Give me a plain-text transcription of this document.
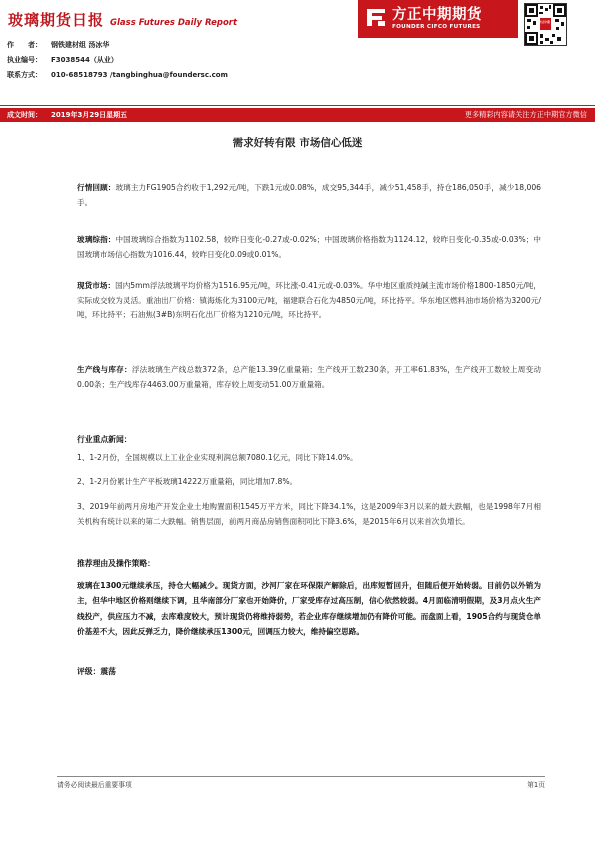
玻璃期货日报 Glass Futures Daily Report	方正中期期货
FOUNDER CIFCO FUTURES
方正中期
作　　者： 钢铁建材组 汤冰华
执业编号： F3038544（从业）
联系方式： 010-68518793 /tangbinghua@foundersc.com
成文时间： 2019年3月29日星期五	更多精彩内容请关注方正中期官方微信
需求好转有限 市场信心低迷
行情回顾：玻璃主力FG1905合约收于1,292元/吨，下跌1元或0.08%，成交95,344手，减少51,458手，持仓186,050手，减少18,006手。
玻璃综指：中国玻璃综合指数为1102.58，较昨日变化-0.27或-0.02%；中国玻璃价格指数为1124.12，较昨日变化-0.35或-0.03%；中国玻璃市场信心指数为1016.44，较昨日变化0.09或0.01%。
现货市场：国内5mm浮法玻璃平均价格为1516.95元/吨，环比涨-0.41元或-0.03%。华中地区重质纯碱主流市场价格1800-1850元/吨，实际成交较为灵活。重油出厂价格：镇海炼化为3100元/吨，福建联合石化为4850元/吨，环比持平。华东地区燃料油市场价格为3200元/吨，环比持平；石油焦(3#B)东明石化出厂价格为1210元/吨，环比持平。
生产线与库存：浮法玻璃生产线总数372条，总产能13.39亿重量箱；生产线开工数230条，开工率61.83%，生产线开工数较上周变动0.00条；生产线库存4463.00万重量箱，库存较上周变动51.00万重量箱。
行业重点新闻：
1、1-2月份，全国规模以上工业企业实现利润总额7080.1亿元，同比下降14.0%。
2、1-2月份累计生产平板玻璃14222万重量箱，同比增加7.8%。
3、2019年前两月房地产开发企业土地购置面积1545万平方米，同比下降34.1%，这是2009年3月以来的最大跌幅，也是1998年7月相关机构有统计以来的第二大跌幅。销售层面，前两月商品房销售面积同比下降3.6%，是2015年6月以来首次负增长。
推荐理由及操作策略：
玻璃在1300元继续承压，持仓大幅减少。现货方面，沙河厂家在环保限产解除后，出库短暂回升，但随后便开始转弱。目前仍以外销为主，但华中地区价格则继续下调，且华南部分厂家也开始降价，厂家受库存过高压制，信心依然较弱。4月面临清明假期，及3月点火生产线投产，供应压力不减，去库难度较大，预计现货仍将维持弱势，若企业库存继续增加仍有降价可能。而盘面上看，1905合约与现货仓单价基差不大，因此反弹乏力，降价继续承压1300元，回调压力较大，维持偏空思路。
评级：震荡
请务必阅读最后重要事项	第1页
